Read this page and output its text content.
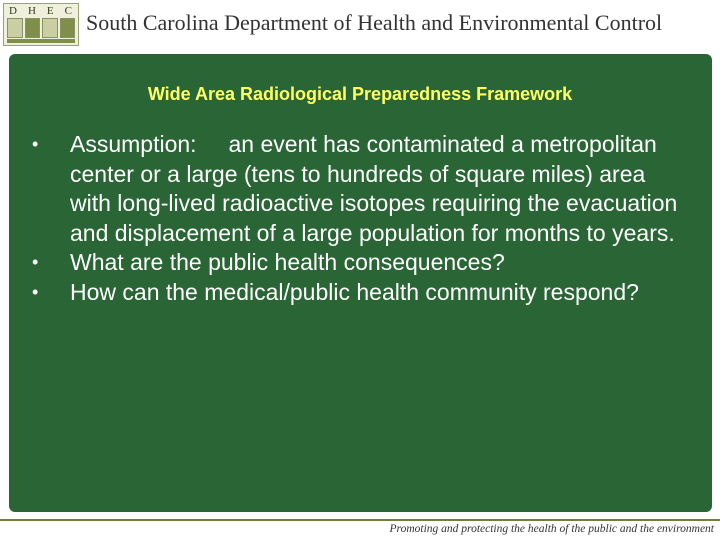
D H E C South Carolina Department of Health and Environmental Control
Wide Area Radiological Preparedness Framework
• Assumption:     an event has contaminated a metropolitan center or a large (tens to hundreds of square miles) area with long-lived radioactive isotopes requiring the evacuation and displacement of a large population for months to years.
• What are the public health consequences?
• How can the medical/public health community respond?
Promoting and protecting the health of the public and the environment
